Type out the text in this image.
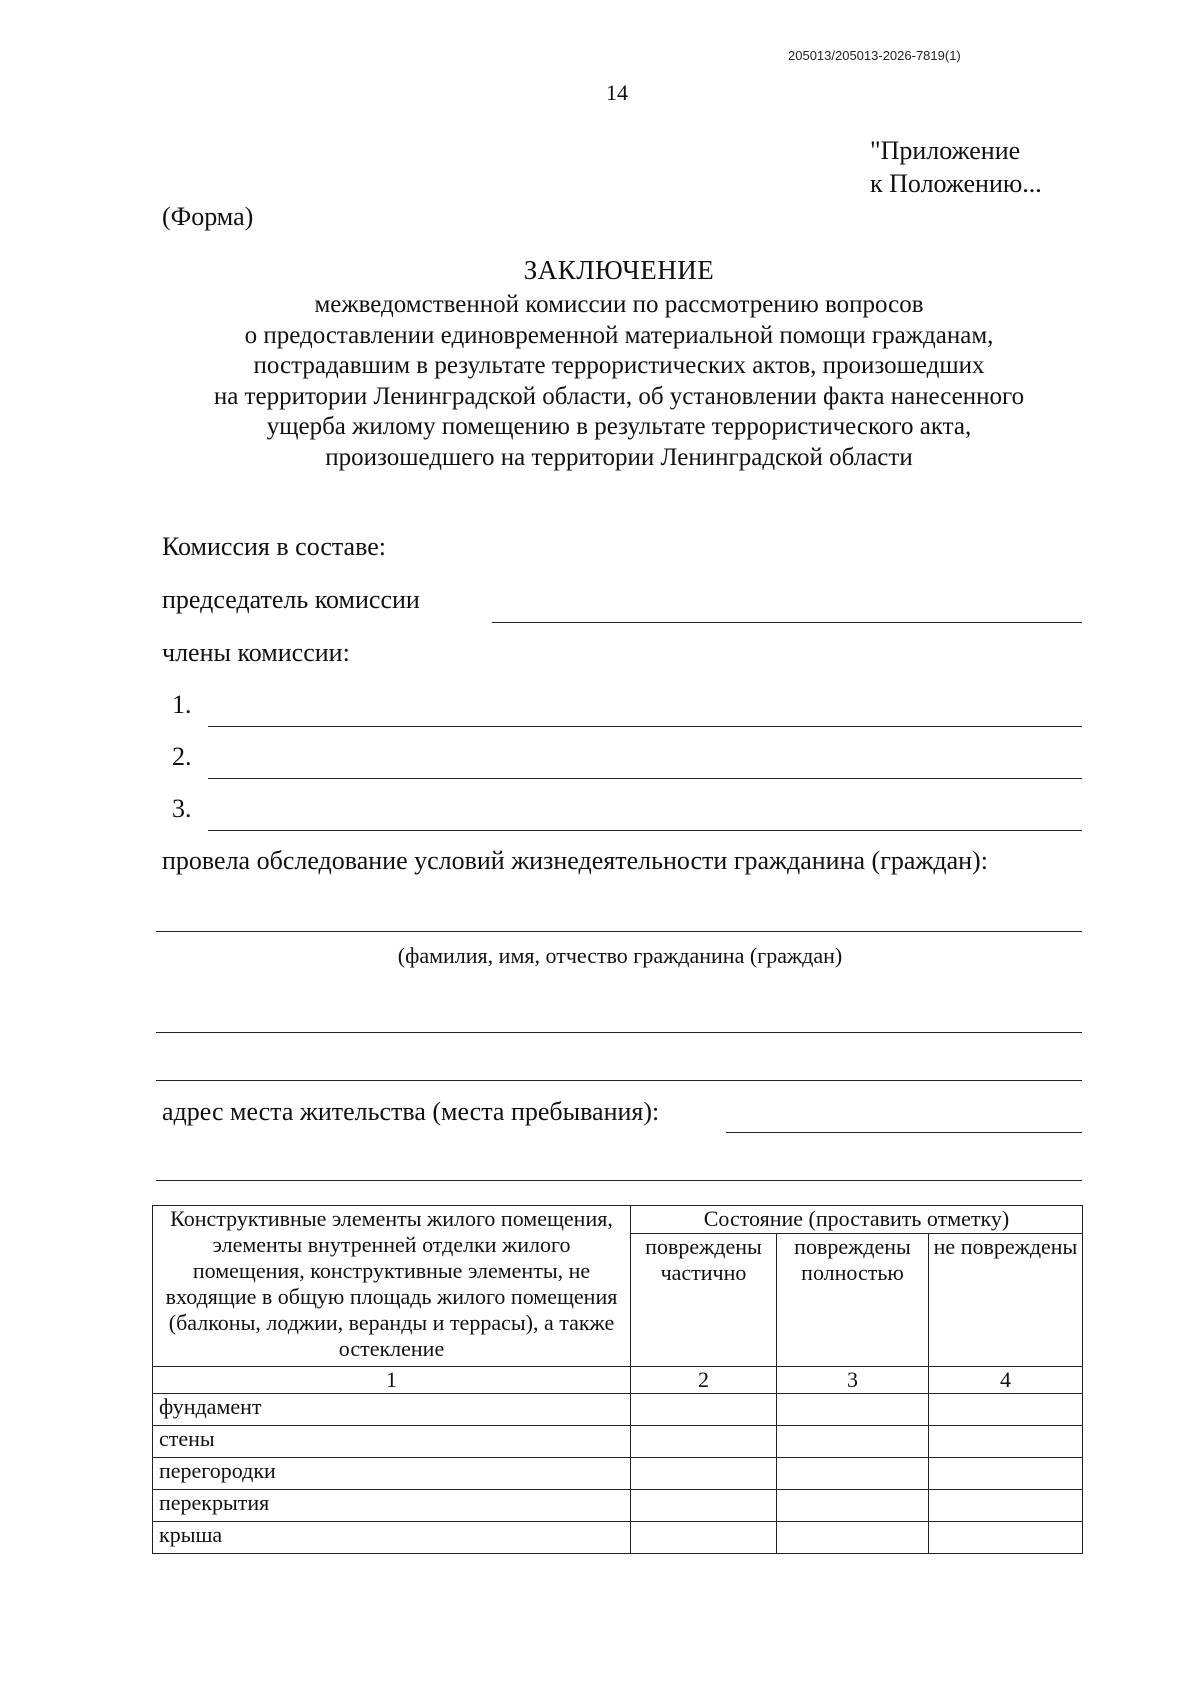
205013/205013-2026-7819(1)
14
"Приложение
к Положению...
(Форма)
ЗАКЛЮЧЕНИЕ
межведомственной комиссии по рассмотрению вопросов
о предоставлении единовременной материальной помощи гражданам,
пострадавшим в результате террористических актов, произошедших
на территории Ленинградской области, об установлении факта нанесенного
ущерба жилому помещению в результате террористического акта,
произошедшего на территории Ленинградской области
Комиссия в составе:
председатель комиссии
члены комиссии:
1.
2.
3.
провела обследование условий жизнедеятельности гражданина (граждан):
(фамилия, имя, отчество гражданина (граждан)
адрес места жительства (места пребывания):
Конструктивные элементы жилого помещения, элементы внутренней отделки жилого помещения, конструктивные элементы, не входящие в общую площадь жилого помещения (балконы, лоджии, веранды и террасы), а также остекление	Состояние (проставить отметку)		
	повреждены частично	повреждены полностью	не повреждены
1	2	3	4
фундамент			
стены			
перегородки			
перекрытия			
крыша			
